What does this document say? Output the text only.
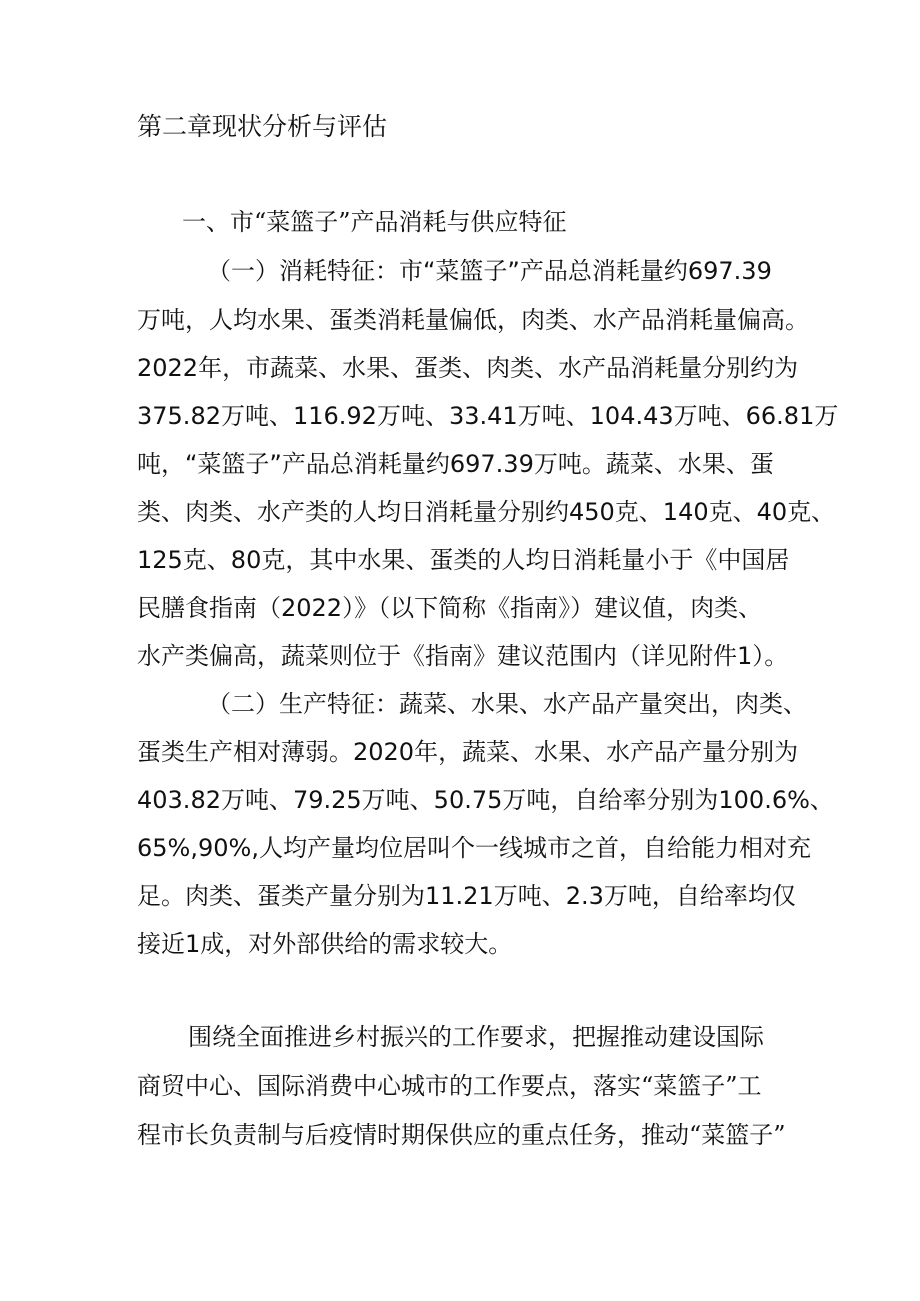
第二章现状分析与评估
一、市“菜篮子”产品消耗与供应特征
（一）消耗特征：市“菜篮子”产品总消耗量约697.39
万吨，人均水果、蛋类消耗量偏低，肉类、水产品消耗量偏高。
2022年，市蔬菜、水果、蛋类、肉类、水产品消耗量分别约为
375.82万吨、116.92万吨、33.41万吨、104.43万吨、66.81万
吨，“菜篮子”产品总消耗量约697.39万吨。蔬菜、水果、蛋
类、肉类、水产类的人均日消耗量分别约450克、140克、40克、
125克、80克，其中水果、蛋类的人均日消耗量小于《中国居
民膳食指南（2022）》（以下简称《指南》）建议值，肉类、
水产类偏高，蔬菜则位于《指南》建议范围内（详见附件1）。
（二）生产特征：蔬菜、水果、水产品产量突出，肉类、
蛋类生产相对薄弱。2020年，蔬菜、水果、水产品产量分别为
403.82万吨、79.25万吨、50.75万吨，自给率分别为100.6%、
65%,90%,人均产量均位居叫个一线城市之首，自给能力相对充
足。肉类、蛋类产量分别为11.21万吨、2.3万吨，自给率均仅
接近1成，对外部供给的需求较大。
围绕全面推进乡村振兴的工作要求，把握推动建设国际
商贸中心、国际消费中心城市的工作要点，落实“菜篮子”工
程市长负责制与后疫情时期保供应的重点任务，推动“菜篮子”
